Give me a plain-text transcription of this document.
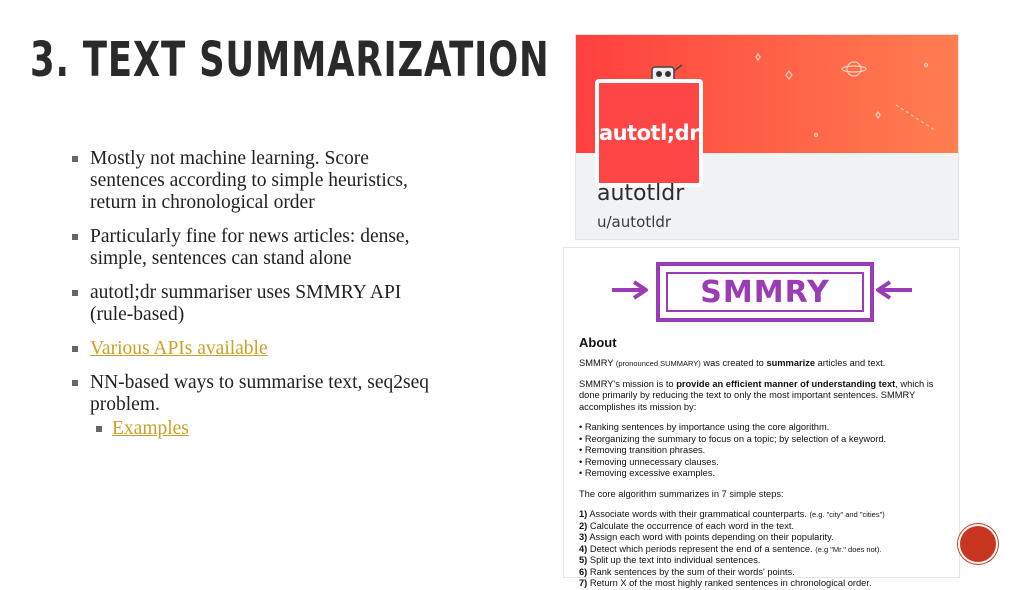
3. TEXT SUMMARIZATION
Mostly not machine learning. Score sentences according to simple heuristics, return in chronological order
Particularly fine for news articles: dense, simple, sentences can stand alone
autotl;dr summariser uses SMMRY API (rule-based)
Various APIs available
NN-based ways to summarise text, seq2seq problem.
Examples
autotl;dr
autotldr
u/autotldr
SMMRY
About

SMMRY (pronounced SUMMARY) was created to summarize articles and text.

SMMRY's mission is to provide an efficient manner of understanding text, which is done primarily by reducing the text to only the most important sentences. SMMRY accomplishes its mission by:

• Ranking sentences by importance using the core algorithm.
• Reorganizing the summary to focus on a topic; by selection of a keyword.
• Removing transition phrases.
• Removing unnecessary clauses.
• Removing excessive examples.

The core algorithm summarizes in 7 simple steps:

1) Associate words with their grammatical counterparts. (e.g. "city" and "cities")
2) Calculate the occurrence of each word in the text.
3) Assign each word with points depending on their popularity.
4) Detect which periods represent the end of a sentence. (e.g "Mr." does not).
5) Split up the text into individual sentences.
6) Rank sentences by the sum of their words' points.
7) Return X of the most highly ranked sentences in chronological order.
